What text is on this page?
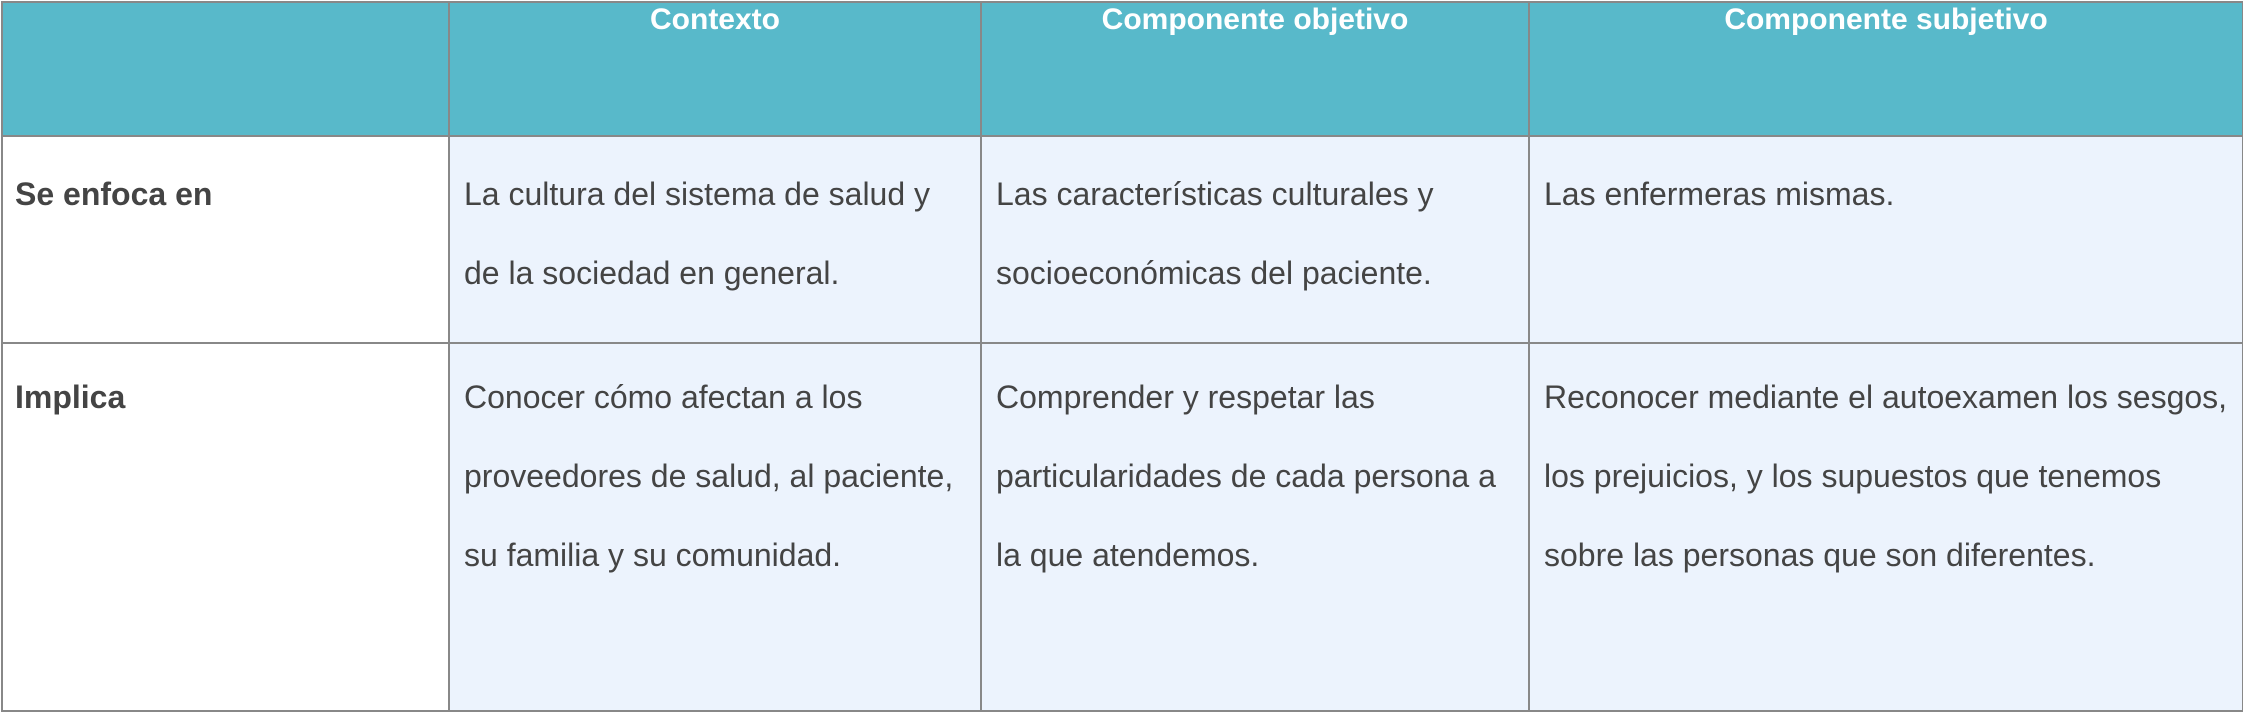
	Contexto	Componente objetivo	Componente subjetivo

Se enfoca en	La cultura del sistema de salud y de la sociedad en general.	Las características culturales y socioeconómicas del paciente.	Las enfermeras mismas.

Implica	Conocer cómo afectan a los proveedores de salud, al paciente, su familia y su comunidad.	Comprender y respetar las particularidades de cada persona a la que atendemos.	Reconocer mediante el autoexamen los sesgos, los prejuicios, y los supuestos que tenemos sobre las personas que son diferentes.
